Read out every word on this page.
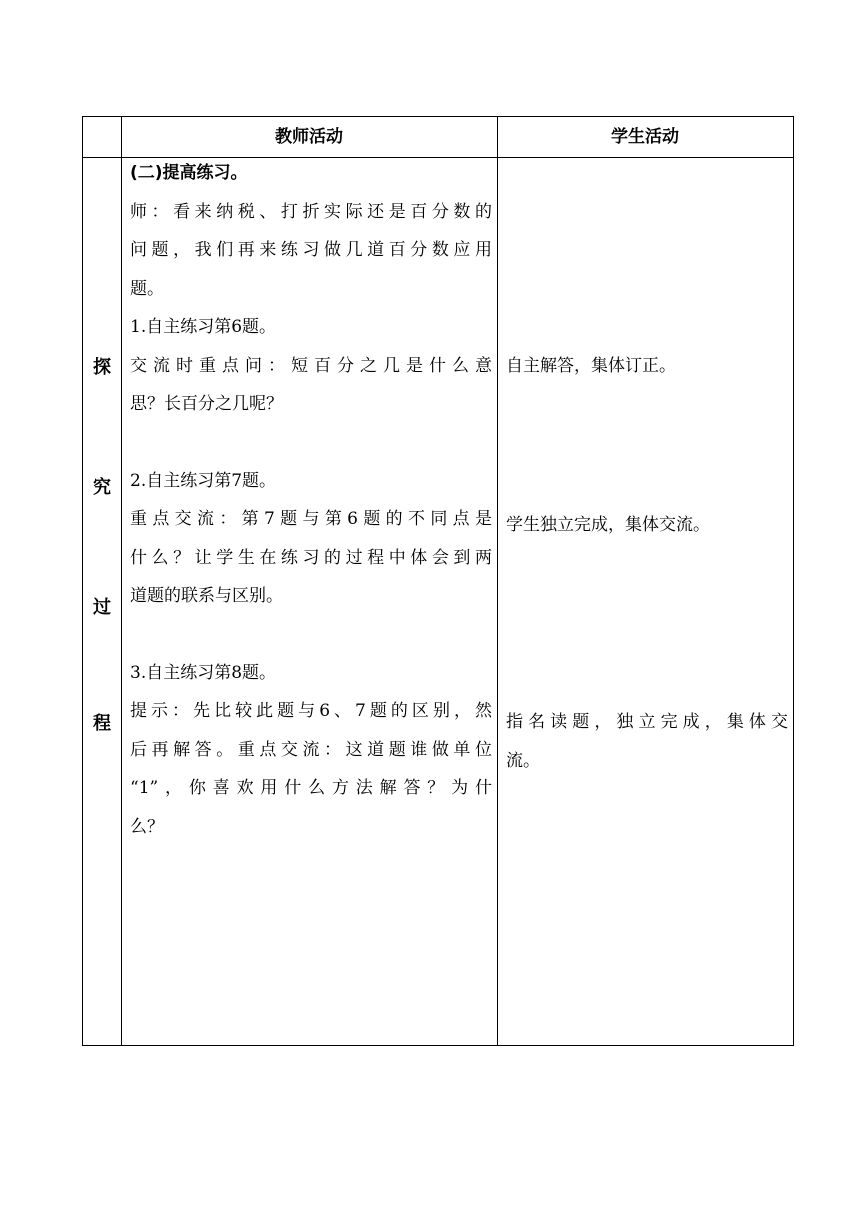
教师活动	学生活动
探
究
过
程
(二)提高练习。
师：看来纳税、打折实际还是百分数的
问题，我们再来练习做几道百分数应用
题。
1.自主练习第6题。
交流时重点问：短百分之几是什么意
思？长百分之几呢？
2.自主练习第7题。
重点交流：第7题与第6题的不同点是
什么？让学生在练习的过程中体会到两
道题的联系与区别。
3.自主练习第8题。
提示：先比较此题与6、7题的区别，然
后再解答。重点交流：这道题谁做单位
“1”，你喜欢用什么方法解答？为什
么？
自主解答，集体订正。
学生独立完成，集体交流。
指名读题，独立完成，集体交
流。
